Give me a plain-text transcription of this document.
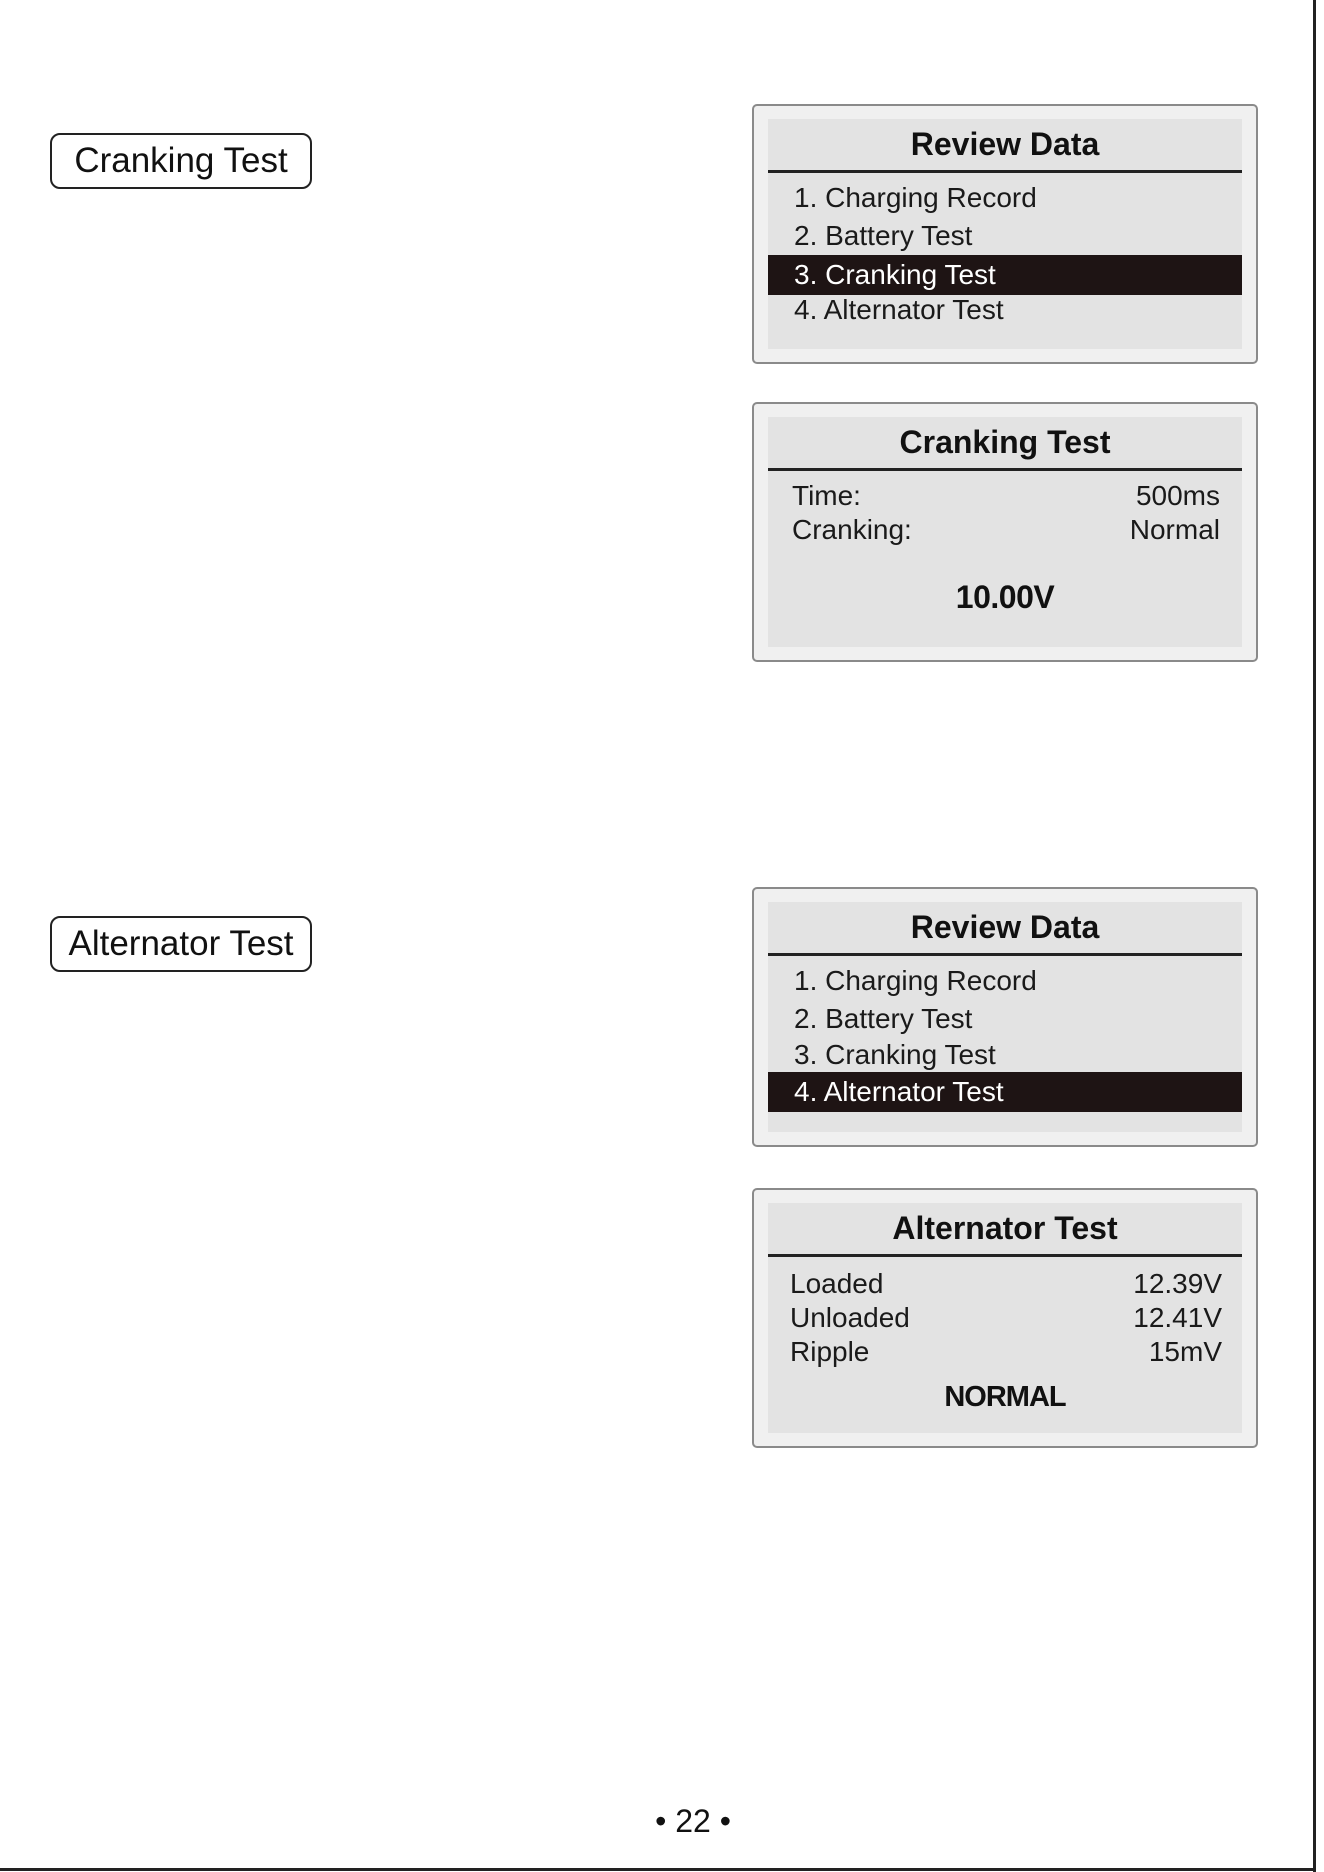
Cranking Test	Review Data
1. Charging Record
2. Battery Test
3. Cranking Test
4. Alternator Test
Cranking Test
Time:	500ms
Cranking:	Normal
10.00V
Alternator Test	Review Data
1. Charging Record
2. Battery Test
3. Cranking Test
4. Alternator Test
Alternator Test
Loaded	12.39V
Unloaded	12.41V
Ripple	15mV
NORMAL
• 22 •
